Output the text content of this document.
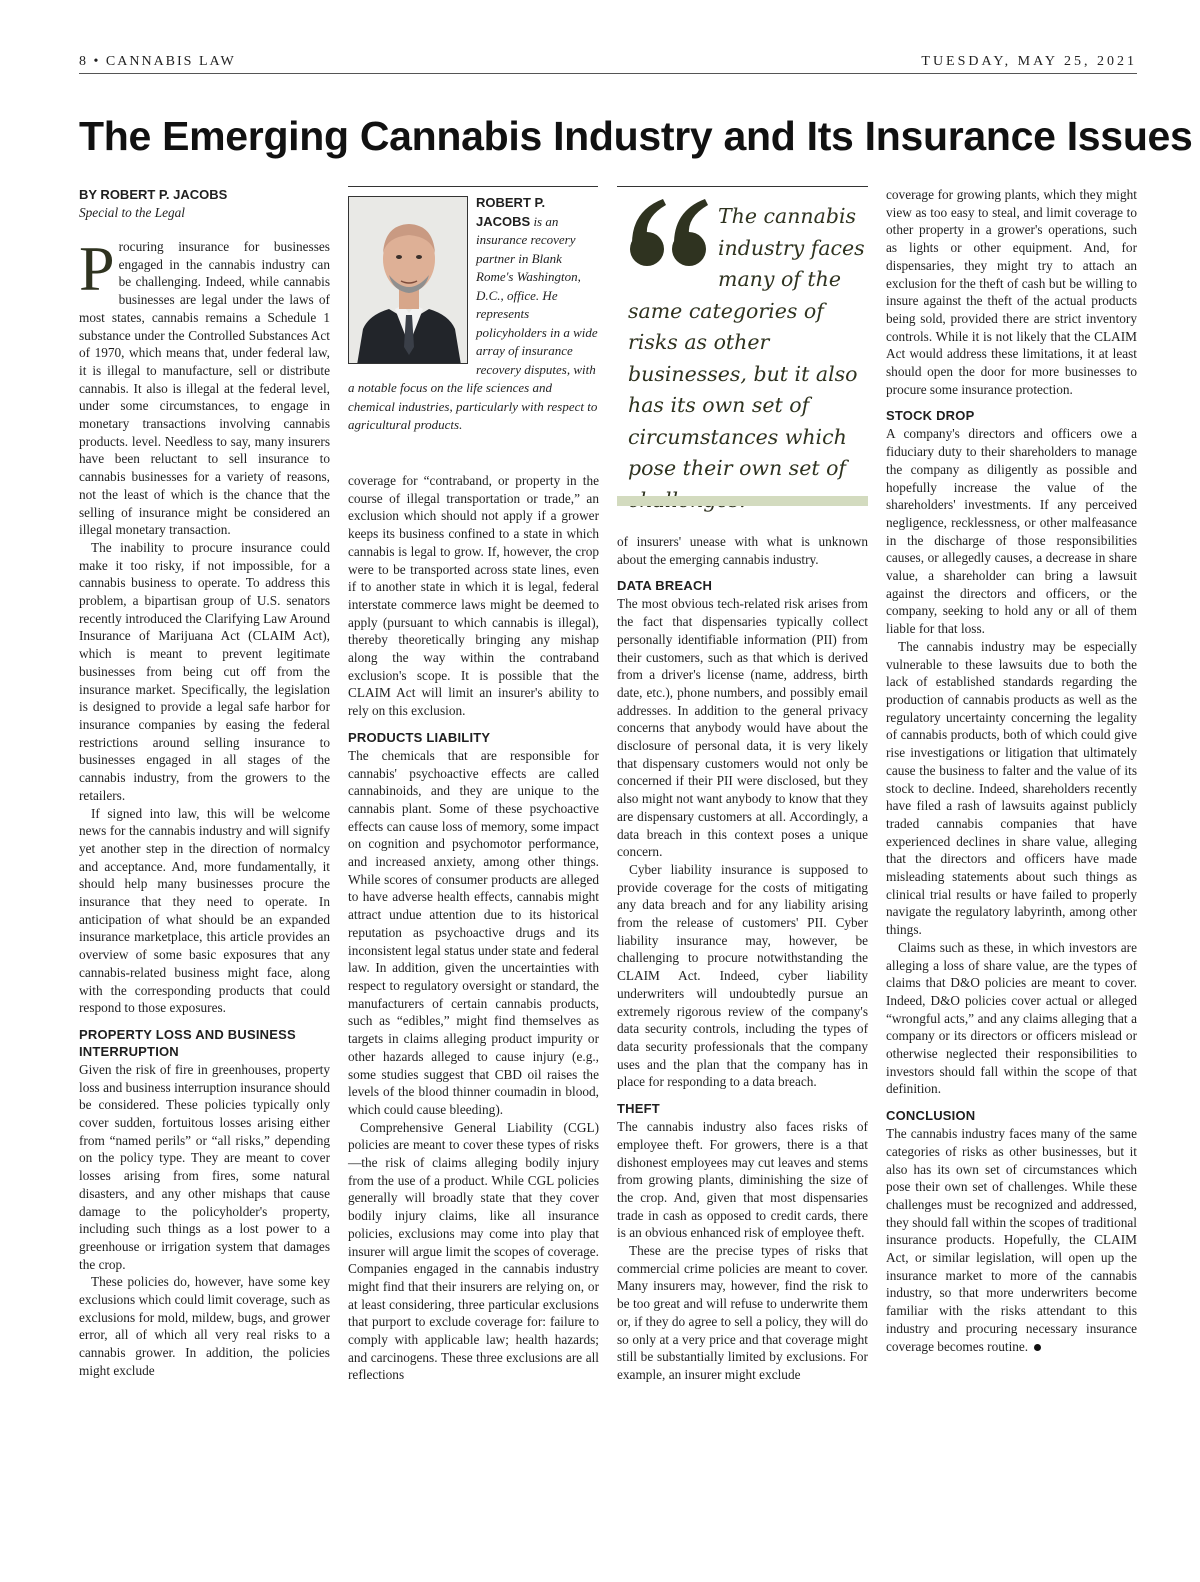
8 • CANNABIS LAW	TUESDAY, MAY 25, 2021
The Emerging Cannabis Industry and Its Insurance Issues
BY ROBERT P. JACOBS
Special to the Legal

Procuring insurance for businesses engaged in the cannabis industry can be challenging. Indeed, while cannabis businesses are legal under the laws of most states, cannabis remains a Schedule 1 substance under the Controlled Substances Act of 1970, which means that, under federal law, it is illegal to manufacture, sell or distribute cannabis. It also is illegal at the federal level, under some circumstances, to engage in monetary transactions involving cannabis products. level. Needless to say, many insurers have been reluctant to sell insurance to cannabis businesses for a variety of reasons, not the least of which is the chance that the selling of insurance might be considered an illegal monetary transaction.

The inability to procure insurance could make it too risky, if not impossible, for a cannabis business to operate. To address this problem, a bipartisan group of U.S. senators recently introduced the Clarifying Law Around Insurance of Marijuana Act (CLAIM Act), which is meant to prevent legitimate businesses from being cut off from the insurance market. Specifically, the legislation is designed to provide a legal safe harbor for insurance companies by easing the federal restrictions around selling insurance to businesses engaged in all stages of the cannabis industry, from the growers to the retailers.

If signed into law, this will be welcome news for the cannabis industry and will signify yet another step in the direction of normalcy and acceptance. And, more fundamentally, it should help many businesses procure the insurance that they need to operate. In anticipation of what should be an expanded insurance marketplace, this article provides an overview of some basic exposures that any cannabis-related business might face, along with the corresponding products that could respond to those exposures.

PROPERTY LOSS AND BUSINESS INTERRUPTION

Given the risk of fire in greenhouses, property loss and business interruption insurance should be considered. These policies typically only cover sudden, fortuitous losses arising either from “named perils” or “all risks,” depending on the policy type. They are meant to cover losses arising from fires, some natural disasters, and any other mishaps that cause damage to the policyholder's property, including such things as a lost power to a greenhouse or irrigation system that damages the crop.

These policies do, however, have some key exclusions which could limit coverage, such as exclusions for mold, mildew, bugs, and grower error, all of which all very real risks to a cannabis grower. In addition, the policies might exclude

ROBERT P. JACOBS is an insurance recovery partner in Blank Rome's Washington, D.C., office. He represents policyholders in a wide array of insurance recovery disputes, with a notable focus on the life sciences and chemical industries, particularly with respect to agricultural products.
The cannabis industry faces many of the same categories of risks as other businesses, but it also has its own set of circumstances which pose their own set of

coverage for “contraband, or property in the course of illegal transportation or trade,” an exclusion which should not apply if a grower keeps its business confined to a state in which cannabis is legal to grow. If, however, the crop were to be transported across state lines, even if to another state in which it is legal, federal interstate commerce laws might be deemed to apply (pursuant to which cannabis is illegal), thereby theoretically bringing any mishap along the way within the contraband exclusion's scope. It is possible that the CLAIM Act will limit an insurer's ability to rely on this exclusion.

PRODUCTS LIABILITY

The chemicals that are responsible for cannabis' psychoactive effects are called cannabinoids, and they are unique to the cannabis plant. Some of these psychoactive effects can cause loss of memory, some impact on cognition and psychomotor performance, and increased anxiety, among other things. While scores of consumer products are alleged to have adverse health effects, cannabis might attract undue attention due to its historical reputation as psychoactive drugs and its inconsistent legal status under state and federal law. In addition, given the uncertainties with respect to regulatory oversight or standard, the manufacturers of certain cannabis products, such as “edibles,” might find themselves as targets in claims alleging product impurity or other hazards alleged to cause injury (e.g., some studies suggest that CBD oil raises the levels of the blood thinner coumadin in blood, which could cause bleeding).

Comprehensive General Liability (CGL) policies are meant to cover these types of risks—the risk of claims alleging bodily injury from the use of a product. While CGL policies generally will broadly state that they cover bodily injury claims, like all insurance policies, exclusions may come into play that insurer will argue limit the scopes of coverage. Companies engaged in the cannabis industry might find that their insurers are relying on, or at least considering, three particular exclusions that purport to exclude coverage for: failure to comply with applicable law; health hazards; and carcinogens. These three exclusions are all reflections

of insurers' unease with what is unknown about the emerging cannabis industry.

DATA BREACH

The most obvious tech-related risk arises from the fact that dispensaries typically collect personally identifiable information (PII) from their customers, such as that which is derived from a driver's license (name, address, birth date, etc.), phone numbers, and possibly email addresses. In addition to the general privacy concerns that anybody would have about the disclosure of personal data, it is very likely that dispensary customers would not only be concerned if their PII were disclosed, but they also might not want anybody to know that they are dispensary customers at all. Accordingly, a data breach in this context poses a unique concern.

Cyber liability insurance is supposed to provide coverage for the costs of mitigating any data breach and for any liability arising from the release of customers' PII. Cyber liability insurance may, however, be challenging to procure notwithstanding the CLAIM Act. Indeed, cyber liability underwriters will undoubtedly pursue an extremely rigorous review of the company's data security controls, including the types of data security professionals that the company uses and the plan that the company has in place for responding to a data breach.

THEFT

The cannabis industry also faces risks of employee theft. For growers, there is a that dishonest employees may cut leaves and stems from growing plants, diminishing the size of the crop. And, given that most dispensaries trade in cash as opposed to credit cards, there is an obvious enhanced risk of employee theft.

These are the precise types of risks that commercial crime policies are meant to cover. Many insurers may, however, find the risk to be too great and will refuse to underwrite them or, if they do agree to sell a policy, they will do so only at a very price and that coverage might still be substantially limited by exclusions. For example, an insurer might exclude

coverage for growing plants, which they might view as too easy to steal, and limit coverage to other property in a grower's operations, such as lights or other equipment. And, for dispensaries, they might try to attach an exclusion for the theft of cash but be willing to insure against the theft of the actual products being sold, provided there are strict inventory controls. While it is not likely that the CLAIM Act would address these limitations, it at least should open the door for more businesses to procure some insurance protection.

STOCK DROP

A company's directors and officers owe a fiduciary duty to their shareholders to manage the company as diligently as possible and hopefully increase the value of the shareholders' investments. If any perceived negligence, recklessness, or other malfeasance in the discharge of those responsibilities causes, or allegedly causes, a decrease in share value, a shareholder can bring a lawsuit against the directors and officers, or the company, seeking to hold any or all of them liable for that loss.

The cannabis industry may be especially vulnerable to these lawsuits due to both the lack of established standards regarding the production of cannabis products as well as the regulatory uncertainty concerning the legality of cannabis products, both of which could give rise investigations or litigation that ultimately cause the business to falter and the value of its stock to decline. Indeed, shareholders recently have filed a rash of lawsuits against publicly traded cannabis companies that have experienced declines in share value, alleging that the directors and officers have made misleading statements about such things as clinical trial results or have failed to properly navigate the regulatory labyrinth, among other things.

Claims such as these, in which investors are alleging a loss of share value, are the types of claims that D&O policies are meant to cover. Indeed, D&O policies cover actual or alleged “wrongful acts,” and any claims alleging that a company or its directors or officers mislead or otherwise neglected their responsibilities to investors should fall within the scope of that definition.

CONCLUSION

The cannabis industry faces many of the same categories of risks as other businesses, but it also has its own set of circumstances which pose their own set of challenges. While these challenges must be recognized and addressed, they should fall within the scopes of traditional insurance products. Hopefully, the CLAIM Act, or similar legislation, will open up the insurance market to more of the cannabis industry, so that more underwriters become familiar with the risks attendant to this industry and procuring necessary insurance coverage becomes routine.
